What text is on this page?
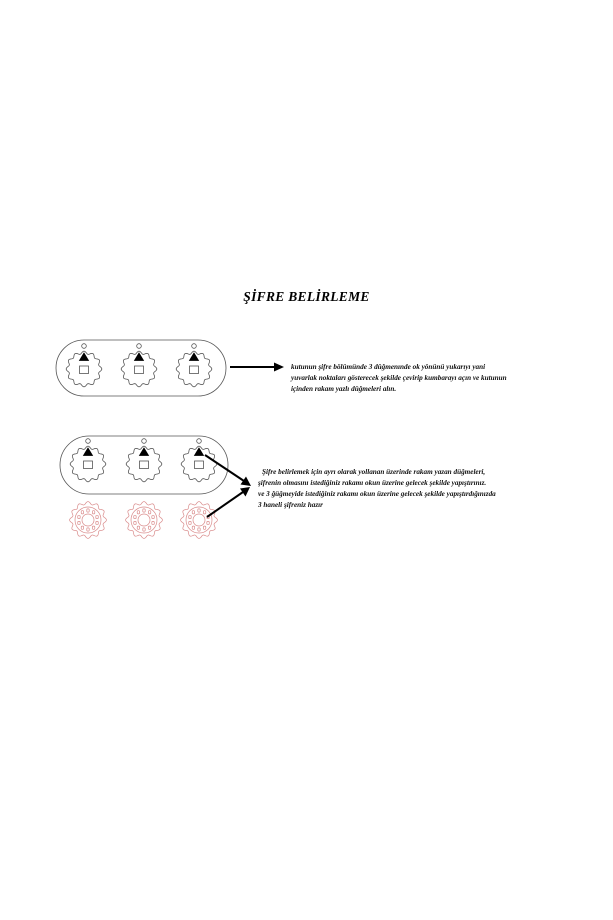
ŞİFRE BELİRLEME
kutunun şifre bölümünde 3 düğmenınde ok yönünü yukarıyı yani
yuvarlak noktaları gösterecek şekilde çevirip kumbarayı açın ve kutunun
içinden rakam yazlı düğmeleri alın.
Şifre belirlemek için ayrı olarak yollanan üzerinde rakam yazan düğmeleri,
şifrenin olmasını istediğiniz rakamı okun üzerine gelecek şekilde yapıştırınız.
ve 3 ğüğmeyide istediğiniz rakamı okun üzerine gelecek şekilde yapıştırdığınızda
3 haneli şifreniz hazır
